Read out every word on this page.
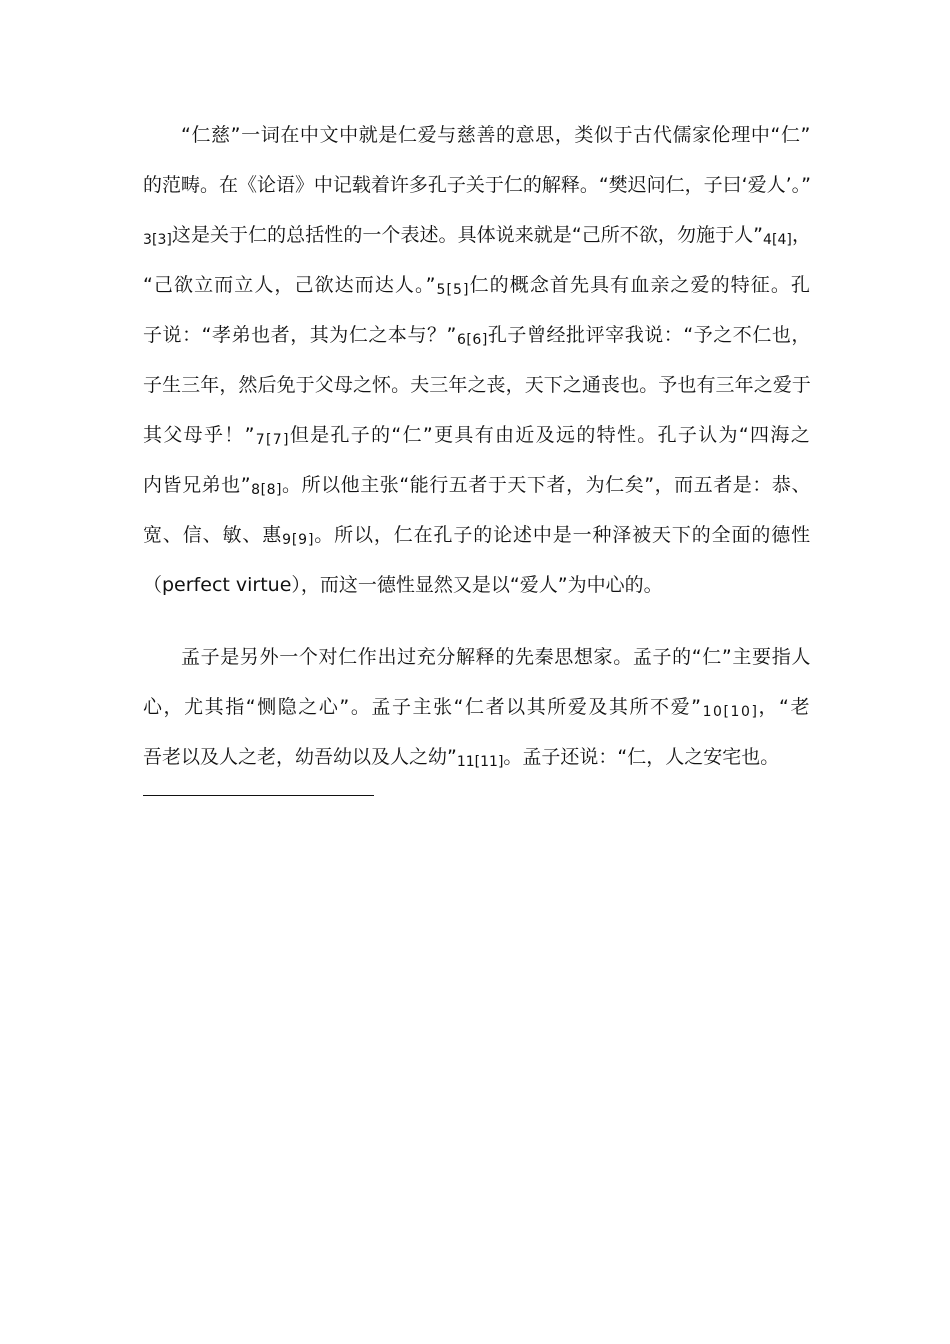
“仁慈”一词在中文中就是仁爱与慈善的意思，类似于古代儒家伦理中“仁”
的范畴。在《论语》中记载着许多孔子关于仁的解释。“樊迟问仁，子曰‘爱人’。”
3[3]这是关于仁的总括性的一个表述。具体说来就是“己所不欲，勿施于人”4[4]，
“己欲立而立人，己欲达而达人。”5[5]仁的概念首先具有血亲之爱的特征。孔
子说：“孝弟也者，其为仁之本与？”6[6]孔子曾经批评宰我说：“予之不仁也，
子生三年，然后免于父母之怀。夫三年之丧，天下之通丧也。予也有三年之爱于
其父母乎！”7[7]但是孔子的“仁”更具有由近及远的特性。孔子认为“四海之
内皆兄弟也”8[8]。所以他主张“能行五者于天下者，为仁矣”，而五者是：恭、
宽、信、敏、惠9[9]。所以，仁在孔子的论述中是一种泽被天下的全面的德性
（perfect virtue），而这一德性显然又是以“爱人”为中心的。
孟子是另外一个对仁作出过充分解释的先秦思想家。孟子的“仁”主要指人
心，尤其指“恻隐之心”。孟子主张“仁者以其所爱及其所不爱”10[10]，“老
吾老以及人之老，幼吾幼以及人之幼”11[11]。孟子还说：“仁，人之安宅也。
